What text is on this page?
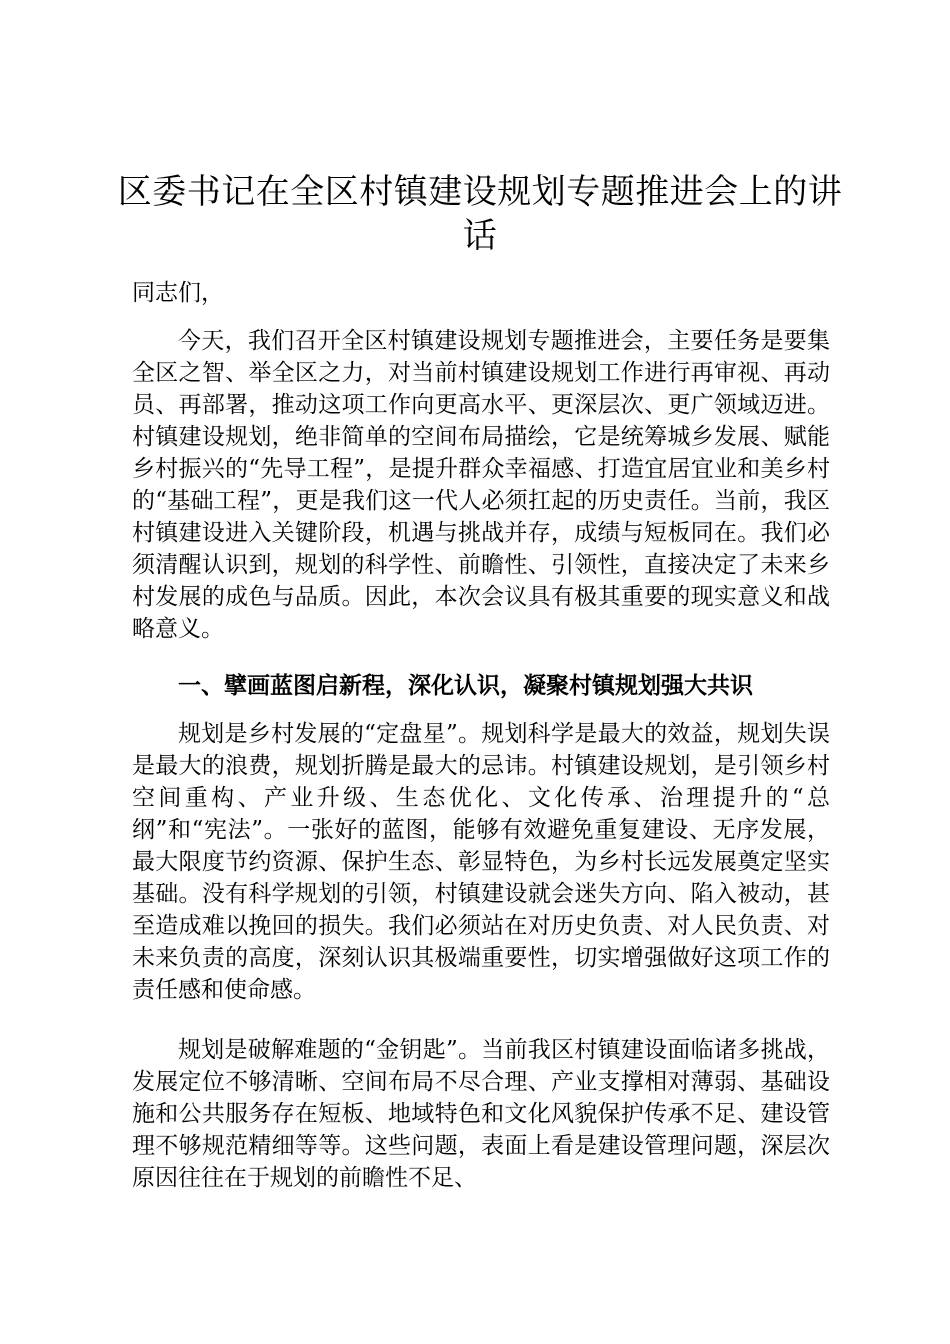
区委书记在全区村镇建设规划专题推进会上的讲话

同志们，

今天，我们召开全区村镇建设规划专题推进会，主要任务是要集全区之智、举全区之力，对当前村镇建设规划工作进行再审视、再动员、再部署，推动这项工作向更高水平、更深层次、更广领域迈进。村镇建设规划，绝非简单的空间布局描绘，它是统筹城乡发展、赋能乡村振兴的“先导工程”，是提升群众幸福感、打造宜居宜业和美乡村的“基础工程”，更是我们这一代人必须扛起的历史责任。当前，我区村镇建设进入关键阶段，机遇与挑战并存，成绩与短板同在。我们必须清醒认识到，规划的科学性、前瞻性、引领性，直接决定了未来乡村发展的成色与品质。因此，本次会议具有极其重要的现实意义和战略意义。

一、擘画蓝图启新程，深化认识，凝聚村镇规划强大共识

规划是乡村发展的“定盘星”。规划科学是最大的效益，规划失误是最大的浪费，规划折腾是最大的忌讳。村镇建设规划，是引领乡村空间重构、产业升级、生态优化、文化传承、治理提升的“总纲”和“宪法”。一张好的蓝图，能够有效避免重复建设、无序发展，最大限度节约资源、保护生态、彰显特色，为乡村长远发展奠定坚实基础。没有科学规划的引领，村镇建设就会迷失方向、陷入被动，甚至造成难以挽回的损失。我们必须站在对历史负责、对人民负责、对未来负责的高度，深刻认识其极端重要性，切实增强做好这项工作的责任感和使命感。

规划是破解难题的“金钥匙”。当前我区村镇建设面临诸多挑战，发展定位不够清晰、空间布局不尽合理、产业支撑相对薄弱、基础设施和公共服务存在短板、地域特色和文化风貌保护传承不足、建设管理不够规范精细等等。这些问题，表面上看是建设管理问题，深层次原因往往在于规划的前瞻性不足、
